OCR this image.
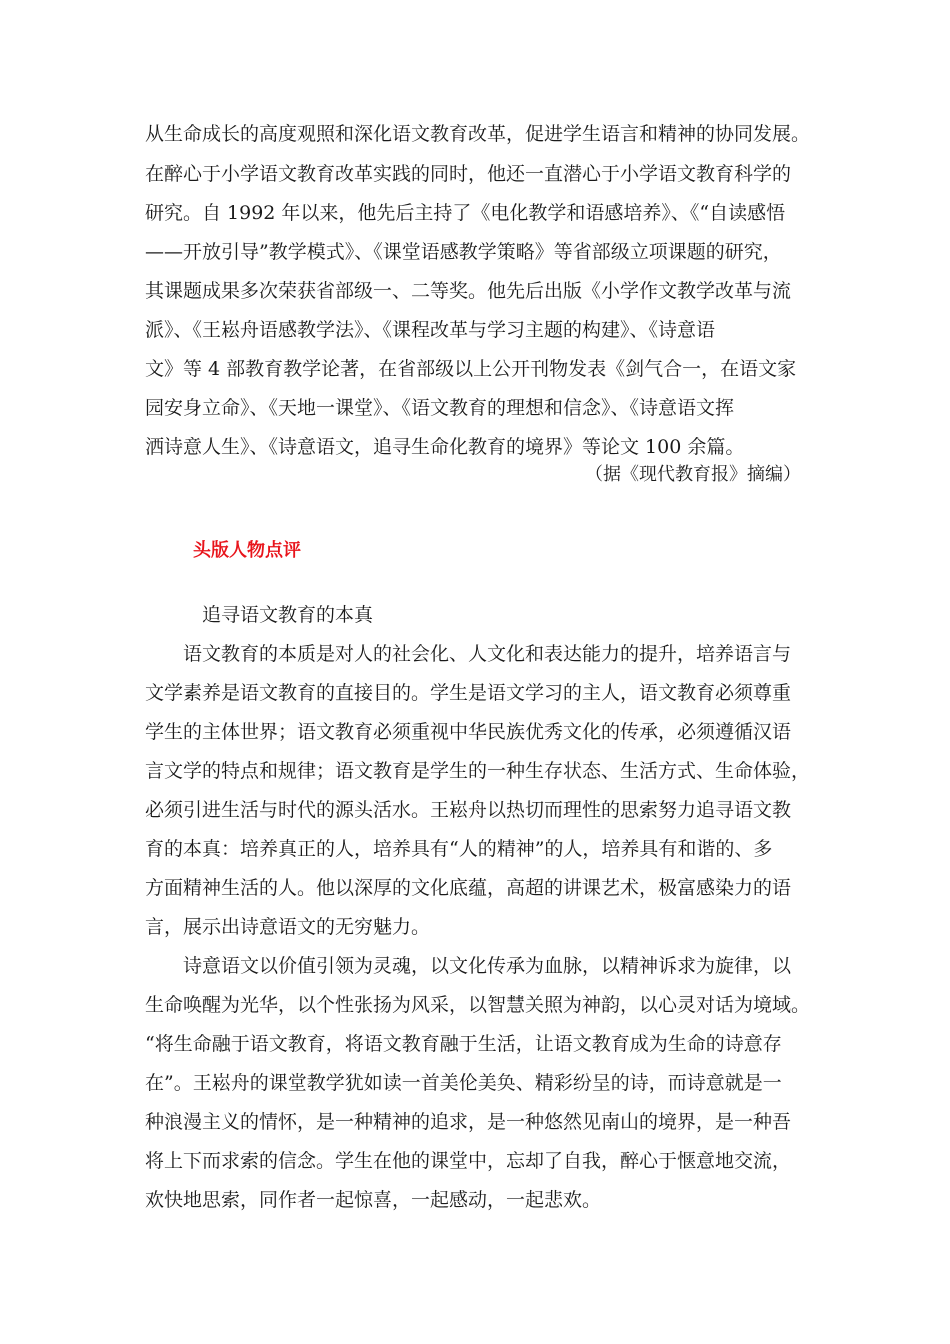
从生命成长的高度观照和深化语文教育改革，促进学生语言和精神的协同发展。
在醉心于小学语文教育改革实践的同时，他还一直潜心于小学语文教育科学的
研究。自 1992 年以来，他先后主持了《电化教学和语感培养》、《“自读感悟
——开放引导”教学模式》、《课堂语感教学策略》等省部级立项课题的研究，
其课题成果多次荣获省部级一、二等奖。他先后出版《小学作文教学改革与流
派》、《王崧舟语感教学法》、《课程改革与学习主题的构建》、《诗意语
文》等 4 部教育教学论著，在省部级以上公开刊物发表《剑气合一，在语文家
园安身立命》、《天地一课堂》、《语文教育的理想和信念》、《诗意语文挥
洒诗意人生》、《诗意语文，追寻生命化教育的境界》等论文 100 余篇。
（据《现代教育报》摘编）
头版人物点评
追寻语文教育的本真
语文教育的本质是对人的社会化、人文化和表达能力的提升，培养语言与
文学素养是语文教育的直接目的。学生是语文学习的主人，语文教育必须尊重
学生的主体世界；语文教育必须重视中华民族优秀文化的传承，必须遵循汉语
言文学的特点和规律；语文教育是学生的一种生存状态、生活方式、生命体验，
必须引进生活与时代的源头活水。王崧舟以热切而理性的思索努力追寻语文教
育的本真：培养真正的人，培养具有“人的精神”的人，培养具有和谐的、多
方面精神生活的人。他以深厚的文化底蕴，高超的讲课艺术，极富感染力的语
言，展示出诗意语文的无穷魅力。
诗意语文以价值引领为灵魂，以文化传承为血脉，以精神诉求为旋律，以
生命唤醒为光华，以个性张扬为风采，以智慧关照为神韵，以心灵对话为境域。
“将生命融于语文教育，将语文教育融于生活，让语文教育成为生命的诗意存
在”。王崧舟的课堂教学犹如读一首美伦美奂、精彩纷呈的诗，而诗意就是一
种浪漫主义的情怀，是一种精神的追求，是一种悠然见南山的境界，是一种吾
将上下而求索的信念。学生在他的课堂中，忘却了自我，醉心于惬意地交流，
欢快地思索，同作者一起惊喜，一起感动，一起悲欢。
